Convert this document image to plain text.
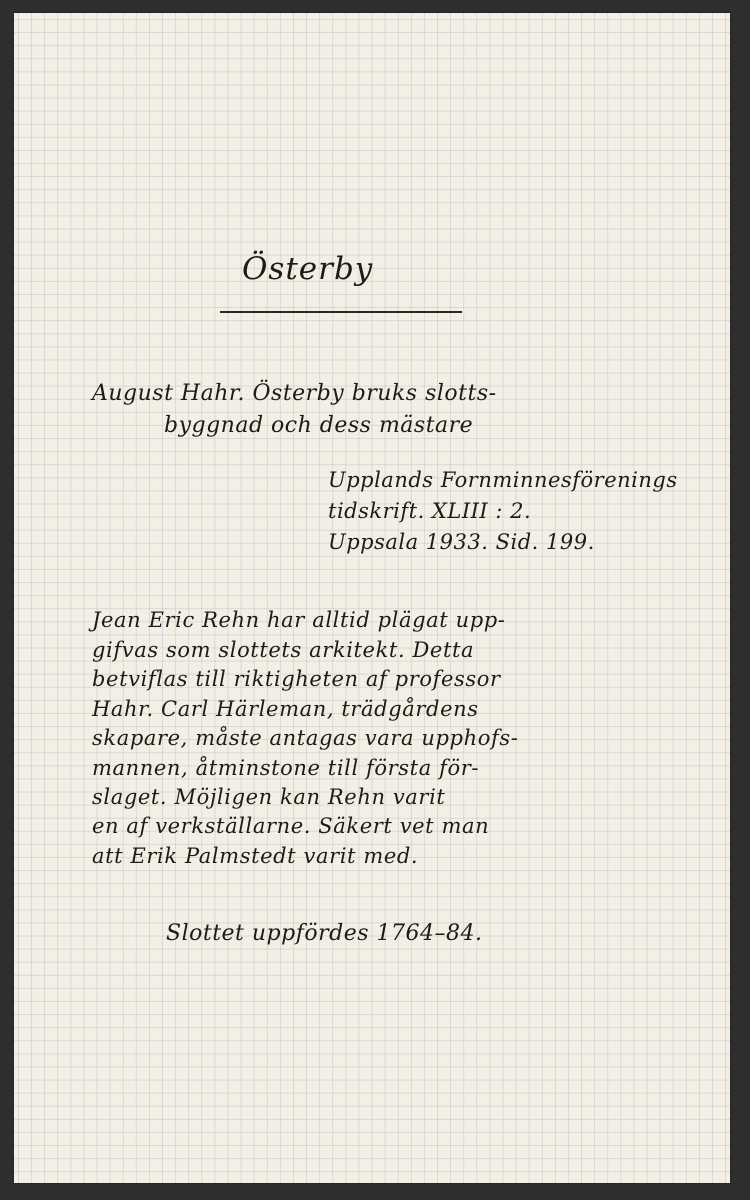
Österby
August Hahr. Österby bruks slotts-
byggnad och dess mästare
Upplands Fornminnesförenings
tidskrift. XLIII : 2.
Uppsala 1933. Sid. 199.
Jean Eric Rehn har alltid plägat upp-
gifvas som slottets arkitekt. Detta
betviflas till riktigheten af professor
Hahr. Carl Härleman, trädgårdens
skapare, måste antagas vara upphofs-
mannen, åtminstone till första för-
slaget. Möjligen kan Rehn varit
en af verkställarne. Säkert vet man
att Erik Palmstedt varit med.
Slottet uppfördes 1764–84.
